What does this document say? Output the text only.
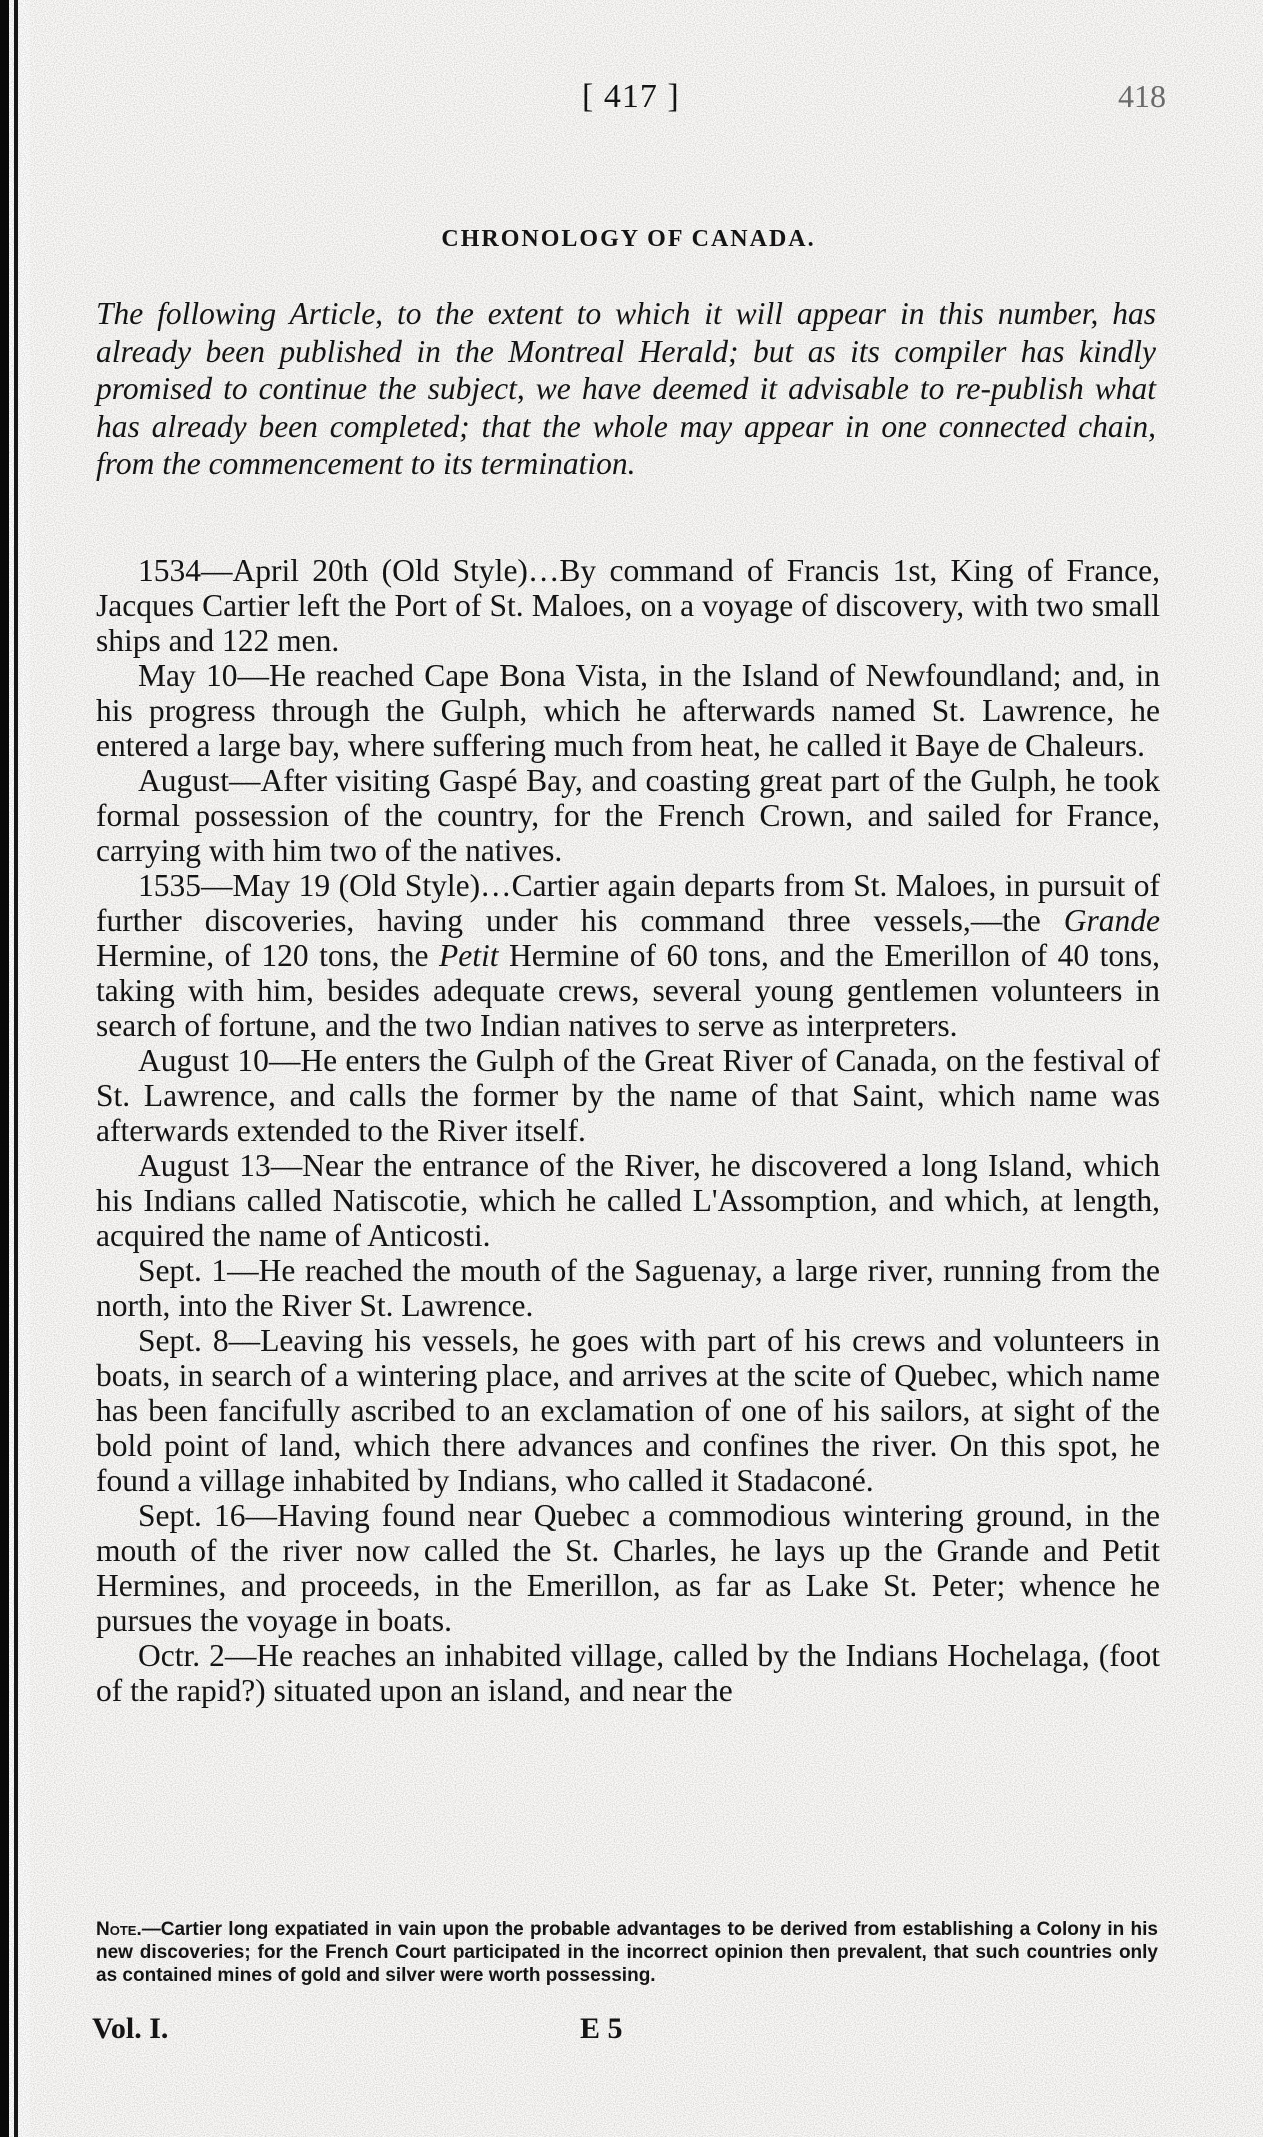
[ 417 ]	418
CHRONOLOGY OF CANADA.
The following Article, to the extent to which it will appear in this number, has already been published in the Montreal Herald; but as its compiler has kindly promised to continue the subject, we have deemed it advisable to re-publish what has already been completed; that the whole may appear in one connected chain, from the commencement to its termination.

1534—April 20th (Old Style)…By command of Francis 1st, King of France, Jacques Cartier left the Port of St. Maloes, on a voyage of discovery, with two small ships and 122 men.

May 10—He reached Cape Bona Vista, in the Island of Newfoundland; and, in his progress through the Gulph, which he afterwards named St. Lawrence, he entered a large bay, where suffering much from heat, he called it Baye de Chaleurs.

August—After visiting Gaspé Bay, and coasting great part of the Gulph, he took formal possession of the country, for the French Crown, and sailed for France, carrying with him two of the natives.

1535—May 19 (Old Style)…Cartier again departs from St. Maloes, in pursuit of further discoveries, having under his command three vessels,—the Grande Hermine, of 120 tons, the Petit Hermine of 60 tons, and the Emerillon of 40 tons, taking with him, besides adequate crews, several young gentlemen volunteers in search of fortune, and the two Indian natives to serve as interpreters.

August 10—He enters the Gulph of the Great River of Canada, on the festival of St. Lawrence, and calls the former by the name of that Saint, which name was afterwards extended to the River itself.

August 13—Near the entrance of the River, he discovered a long Island, which his Indians called Natiscotie, which he called L'Assomption, and which, at length, acquired the name of Anticosti.

Sept. 1—He reached the mouth of the Saguenay, a large river, running from the north, into the River St. Lawrence.

Sept. 8—Leaving his vessels, he goes with part of his crews and volunteers in boats, in search of a wintering place, and arrives at the scite of Quebec, which name has been fancifully ascribed to an exclamation of one of his sailors, at sight of the bold point of land, which there advances and confines the river. On this spot, he found a village inhabited by Indians, who called it Stadaconé.

Sept. 16—Having found near Quebec a commodious wintering ground, in the mouth of the river now called the St. Charles, he lays up the Grande and Petit Hermines, and proceeds, in the Emerillon, as far as Lake St. Peter; whence he pursues the voyage in boats.

Octr. 2—He reaches an inhabited village, called by the Indians Hochelaga, (foot of the rapid?) situated upon an island, and near the

Note.—Cartier long expatiated in vain upon the probable advantages to be derived from establishing a Colony in his new discoveries; for the French Court participated in the incorrect opinion then prevalent, that such countries only as contained mines of gold and silver were worth possessing.
Vol. I.	E 5
